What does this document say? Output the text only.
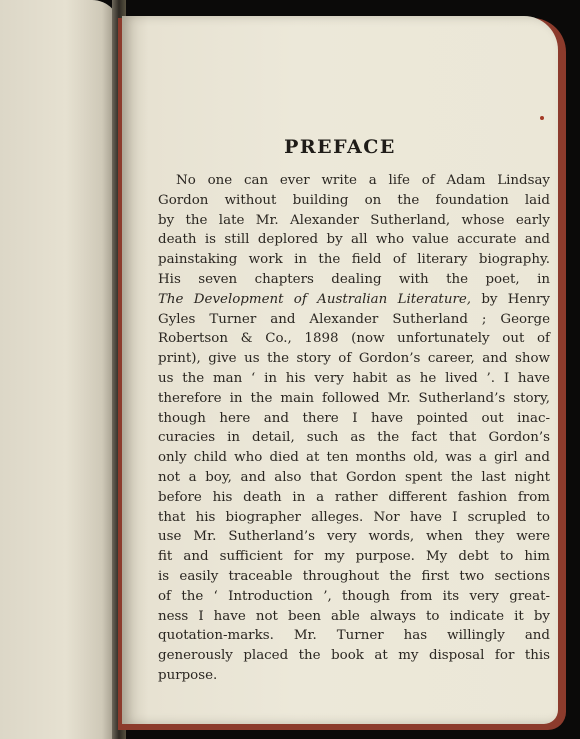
PREFACE
No one can ever write a life of Adam Lindsay
Gordon without building on the foundation laid
by the late Mr. Alexander Sutherland, whose early
death is still deplored by all who value accurate and
painstaking work in the field of literary biography.
His seven chapters dealing with the poet, in
The Development of Australian Literature, by Henry
Gyles Turner and Alexander Sutherland ; George
Robertson & Co., 1898 (now unfortunately out of
print), give us the story of Gordon’s career, and show
us the man ‘ in his very habit as he lived ’. I have
therefore in the main followed Mr. Sutherland’s story,
though here and there I have pointed out inac-
curacies in detail, such as the fact that Gordon’s
only child who died at ten months old, was a girl and
not a boy, and also that Gordon spent the last night
before his death in a rather different fashion from
that his biographer alleges. Nor have I scrupled to
use Mr. Sutherland’s very words, when they were
fit and sufficient for my purpose. My debt to him
is easily traceable throughout the first two sections
of the ‘ Introduction ’, though from its very great-
ness I have not been able always to indicate it by
quotation-marks. Mr. Turner has willingly and
generously placed the book at my disposal for this
purpose.
